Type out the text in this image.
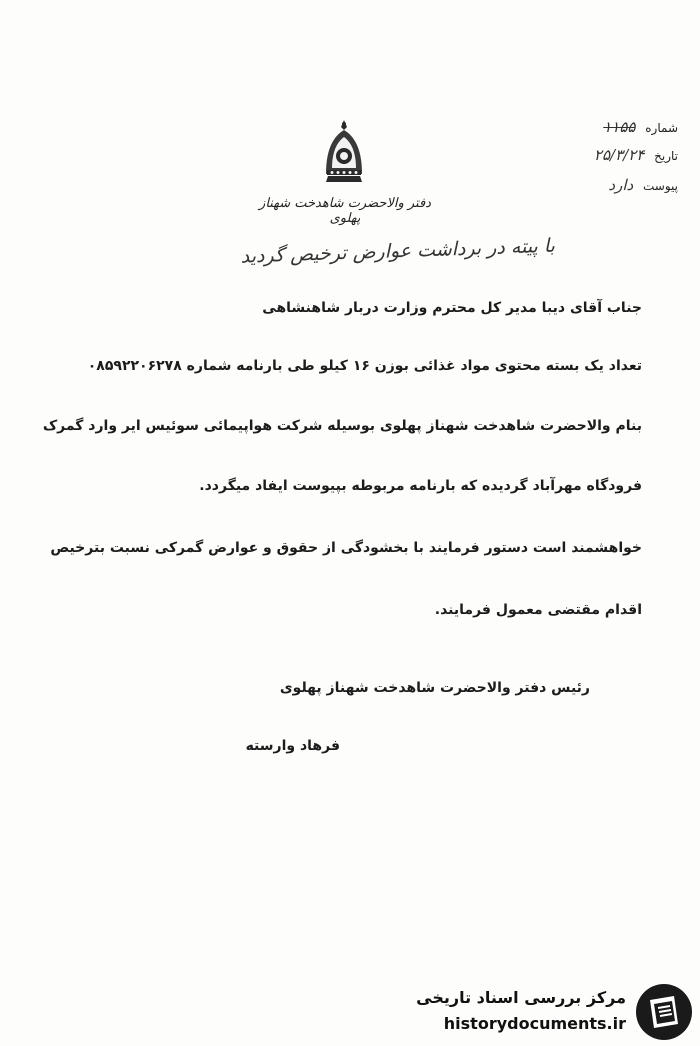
دفتر والاحضرت شاهدخت شهناز پهلوی
شماره ۱۱۵۵
تاریخ ۲۵/۳/۲۴
پیوست دارد
با پیته در برداشت عوارض ترخیص گردید
جناب آقای دیبا مدیر کل محترم وزارت دربار شاهنشاهی
تعداد یک بسته محتوی مواد غذائی بوزن ۱۶ کیلو طی بارنامه شماره ۰۸۵۹۲۲۰۶۲۷۸
بنام والاحضرت شاهدخت شهناز پهلوی بوسیله شرکت هواپیمائی سوئیس ایر وارد گمرک
فرودگاه مهرآباد گردیده که بارنامه مربوطه بپیوست ایفاد میگردد.
خواهشمند است دستور فرمایند با بخشودگی از حقوق و عوارض گمرکی نسبت بترخیص
اقدام مقتضی معمول فرمایند.
رئیس دفتر والاحضرت شاهدخت شهناز پهلوی
فرهاد وارسته
مرکز بررسی اسناد تاریخی
historydocuments.ir
